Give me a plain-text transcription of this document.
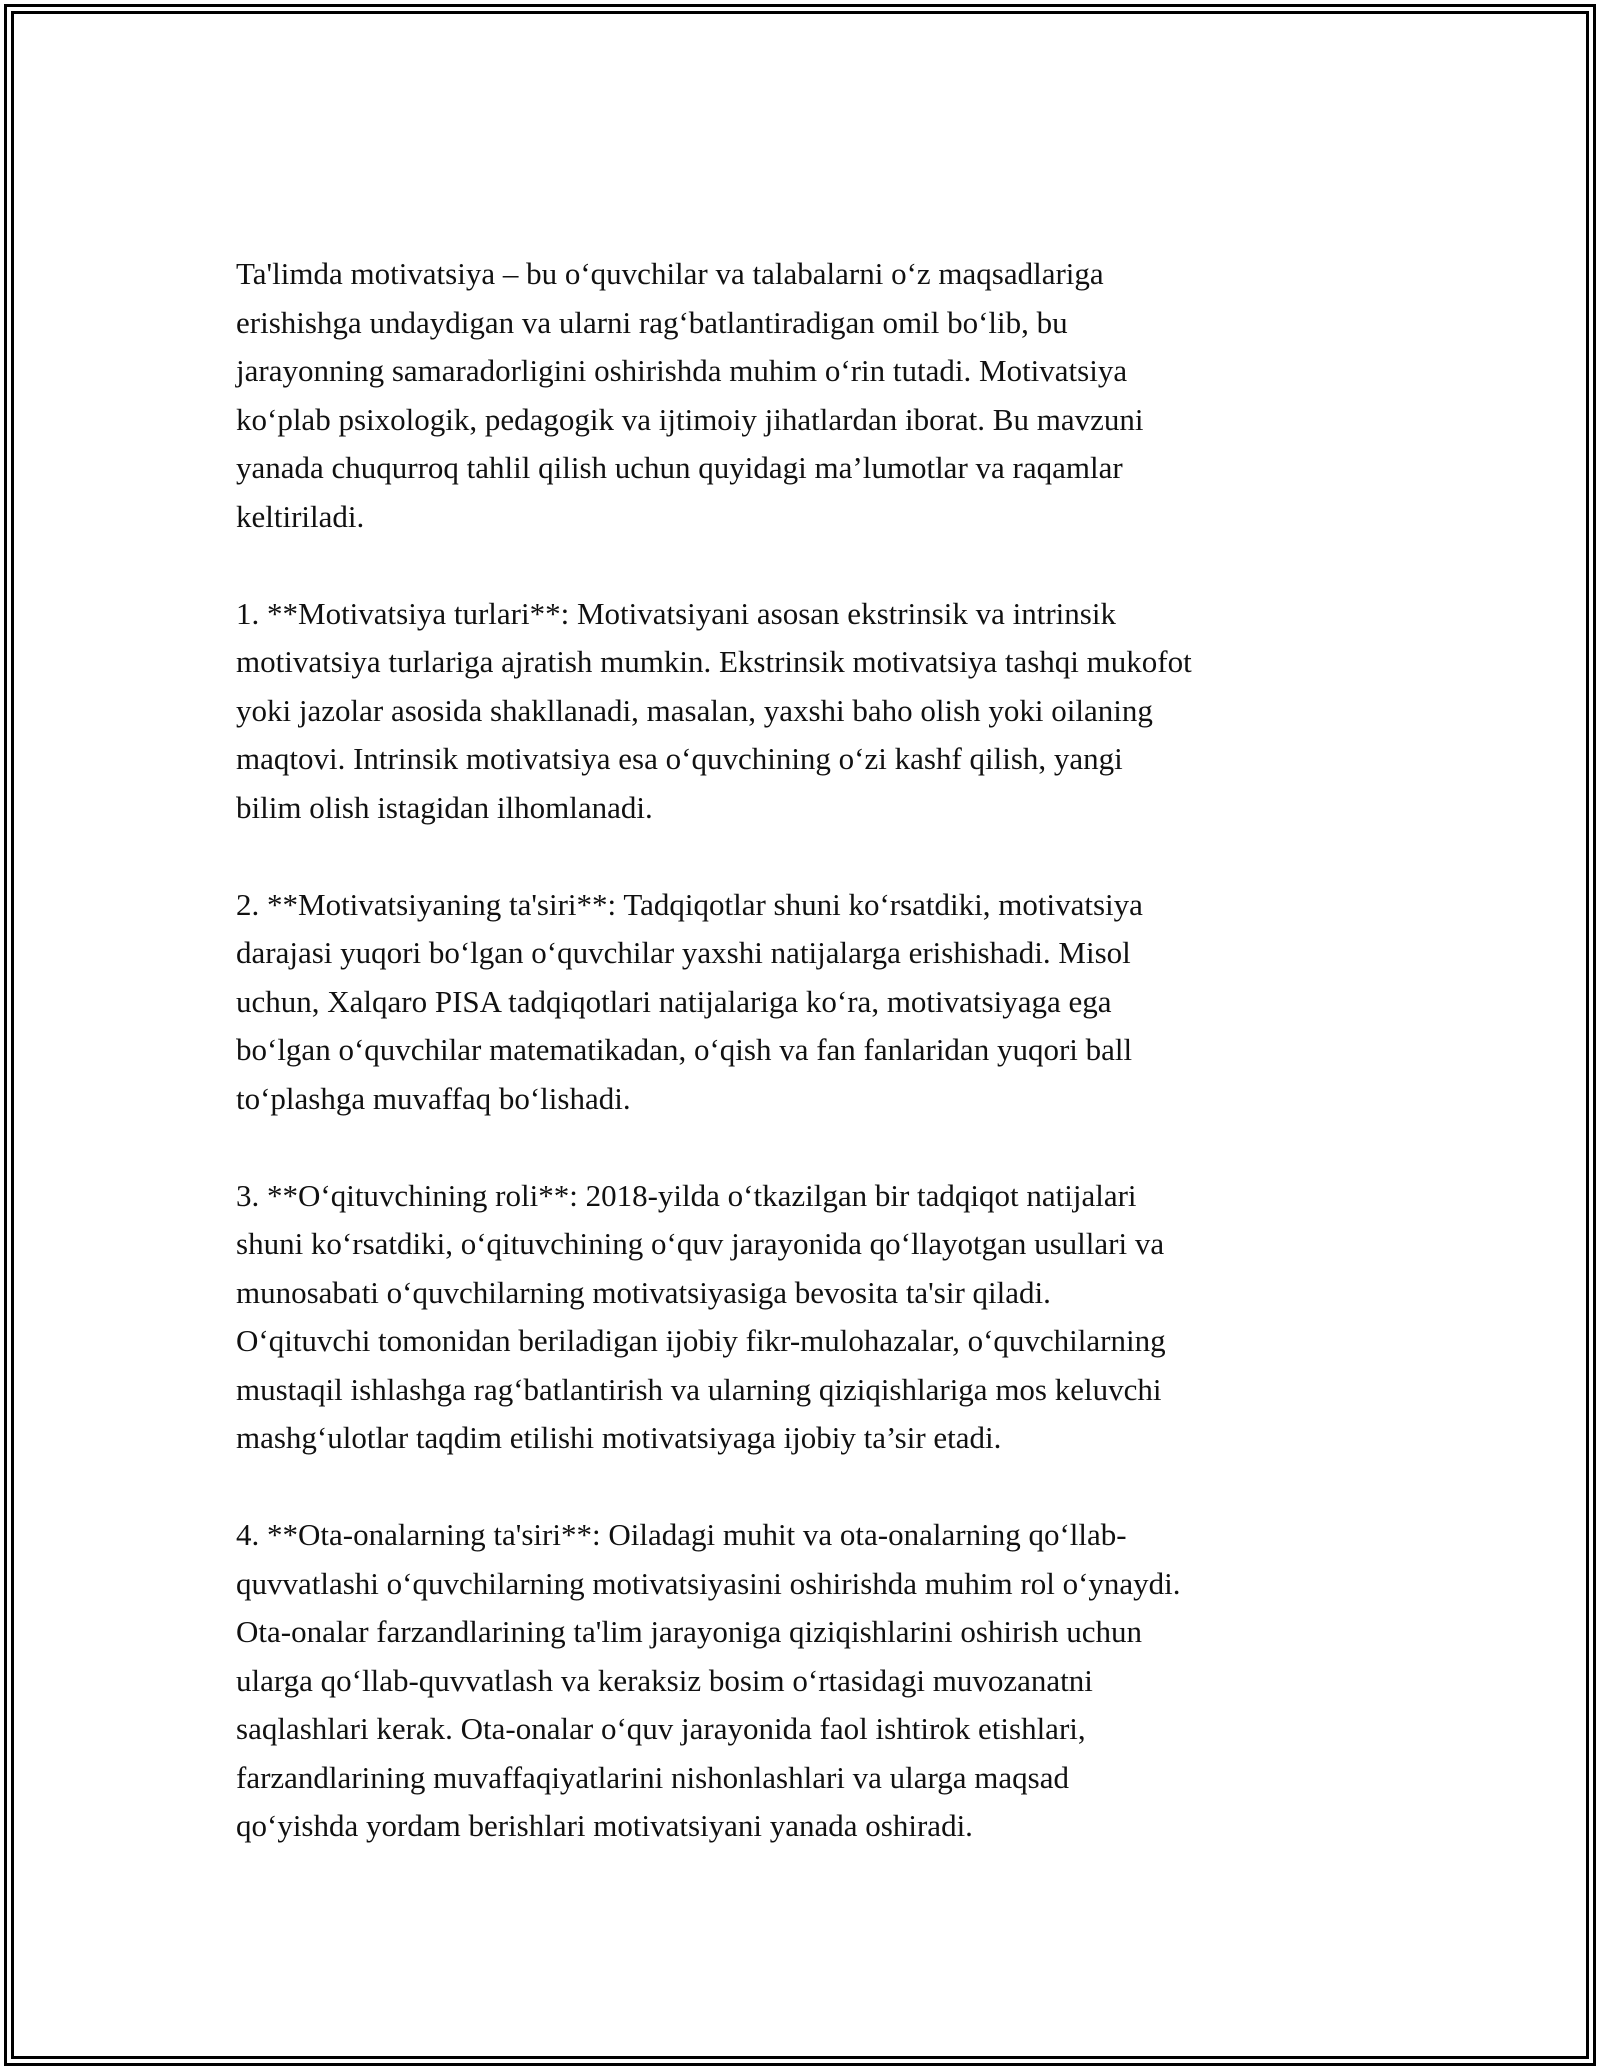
Ta'limda motivatsiya – bu o‘quvchilar va talabalarni o‘z maqsadlariga
erishishga undaydigan va ularni rag‘batlantiradigan omil bo‘lib, bu
jarayonning samaradorligini oshirishda muhim o‘rin tutadi. Motivatsiya
ko‘plab psixologik, pedagogik va ijtimoiy jihatlardan iborat. Bu mavzuni
yanada chuqurroq tahlil qilish uchun quyidagi ma’lumotlar va raqamlar
keltiriladi.

1. **Motivatsiya turlari**: Motivatsiyani asosan ekstrinsik va intrinsik
motivatsiya turlariga ajratish mumkin. Ekstrinsik motivatsiya tashqi mukofot
yoki jazolar asosida shakllanadi, masalan, yaxshi baho olish yoki oilaning
maqtovi. Intrinsik motivatsiya esa o‘quvchining o‘zi kashf qilish, yangi
bilim olish istagidan ilhomlanadi.

2. **Motivatsiyaning ta'siri**: Tadqiqotlar shuni ko‘rsatdiki, motivatsiya
darajasi yuqori bo‘lgan o‘quvchilar yaxshi natijalarga erishishadi. Misol
uchun, Xalqaro PISA tadqiqotlari natijalariga ko‘ra, motivatsiyaga ega
bo‘lgan o‘quvchilar matematikadan, o‘qish va fan fanlaridan yuqori ball
to‘plashga muvaffaq bo‘lishadi.

3. **O‘qituvchining roli**: 2018-yilda o‘tkazilgan bir tadqiqot natijalari
shuni ko‘rsatdiki, o‘qituvchining o‘quv jarayonida qo‘llayotgan usullari va
munosabati o‘quvchilarning motivatsiyasiga bevosita ta'sir qiladi.
O‘qituvchi tomonidan beriladigan ijobiy fikr-mulohazalar, o‘quvchilarning
mustaqil ishlashga rag‘batlantirish va ularning qiziqishlariga mos keluvchi
mashg‘ulotlar taqdim etilishi motivatsiyaga ijobiy ta’sir etadi.

4. **Ota-onalarning ta'siri**: Oiladagi muhit va ota-onalarning qo‘llab-
quvvatlashi o‘quvchilarning motivatsiyasini oshirishda muhim rol o‘ynaydi.
Ota-onalar farzandlarining ta'lim jarayoniga qiziqishlarini oshirish uchun
ularga qo‘llab-quvvatlash va keraksiz bosim o‘rtasidagi muvozanatni
saqlashlari kerak. Ota-onalar o‘quv jarayonida faol ishtirok etishlari,
farzandlarining muvaffaqiyatlarini nishonlashlari va ularga maqsad
qo‘yishda yordam berishlari motivatsiyani yanada oshiradi.
